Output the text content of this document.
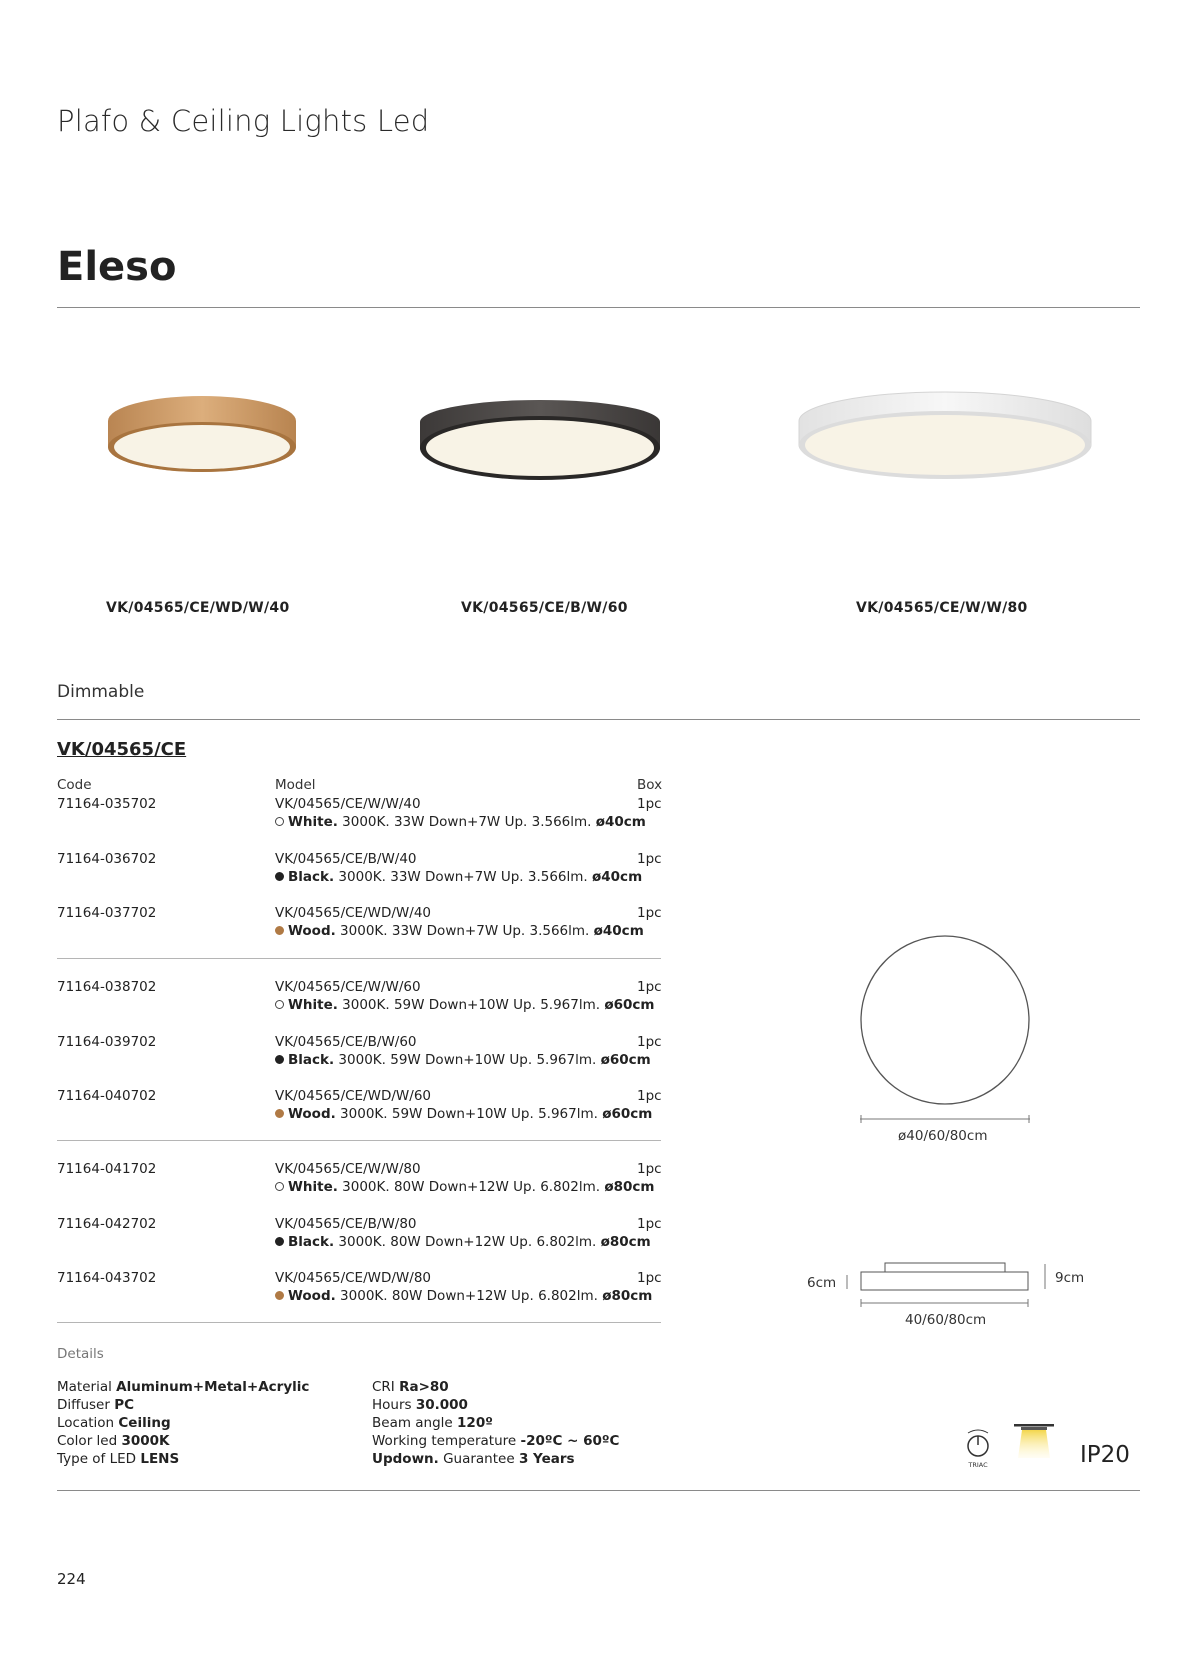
Plafo & Ceiling Lights Led
Eleso
VK/04565/CE/WD/W/40	VK/04565/CE/B/W/60	VK/04565/CE/W/W/80
Dimmable
VK/04565/CE
Code	Model	Box
71164-035702	VK/04565/CE/W/W/40	1pc
White. 3000K. 33W Down+7W Up. 3.566lm. ø40cm
71164-036702	VK/04565/CE/B/W/40	1pc
Black. 3000K. 33W Down+7W Up. 3.566lm. ø40cm
71164-037702	VK/04565/CE/WD/W/40	1pc
Wood. 3000K. 33W Down+7W Up. 3.566lm. ø40cm
71164-038702	VK/04565/CE/W/W/60	1pc
White. 3000K. 59W Down+10W Up. 5.967lm. ø60cm
71164-039702	VK/04565/CE/B/W/60	1pc
Black. 3000K. 59W Down+10W Up. 5.967lm. ø60cm
71164-040702	VK/04565/CE/WD/W/60	1pc
Wood. 3000K. 59W Down+10W Up. 5.967lm. ø60cm
71164-041702	VK/04565/CE/W/W/80	1pc
White. 3000K. 80W Down+12W Up. 6.802lm. ø80cm
71164-042702	VK/04565/CE/B/W/80	1pc
Black. 3000K. 80W Down+12W Up. 6.802lm. ø80cm
71164-043702	VK/04565/CE/WD/W/80	1pc
Wood. 3000K. 80W Down+12W Up. 6.802lm. ø80cm
ø40/60/80cm
6cm	9cm
40/60/80cm
Details
Material Aluminum+Metal+Acrylic
Diffuser PC
Location Ceiling
Color led 3000K
Type of LED LENS
CRI Ra>80
Hours 30.000
Beam angle 120º
Working temperature -20ºC ~ 60ºC
Updown. Guarantee 3 Years	TRIAC	IP20
224
